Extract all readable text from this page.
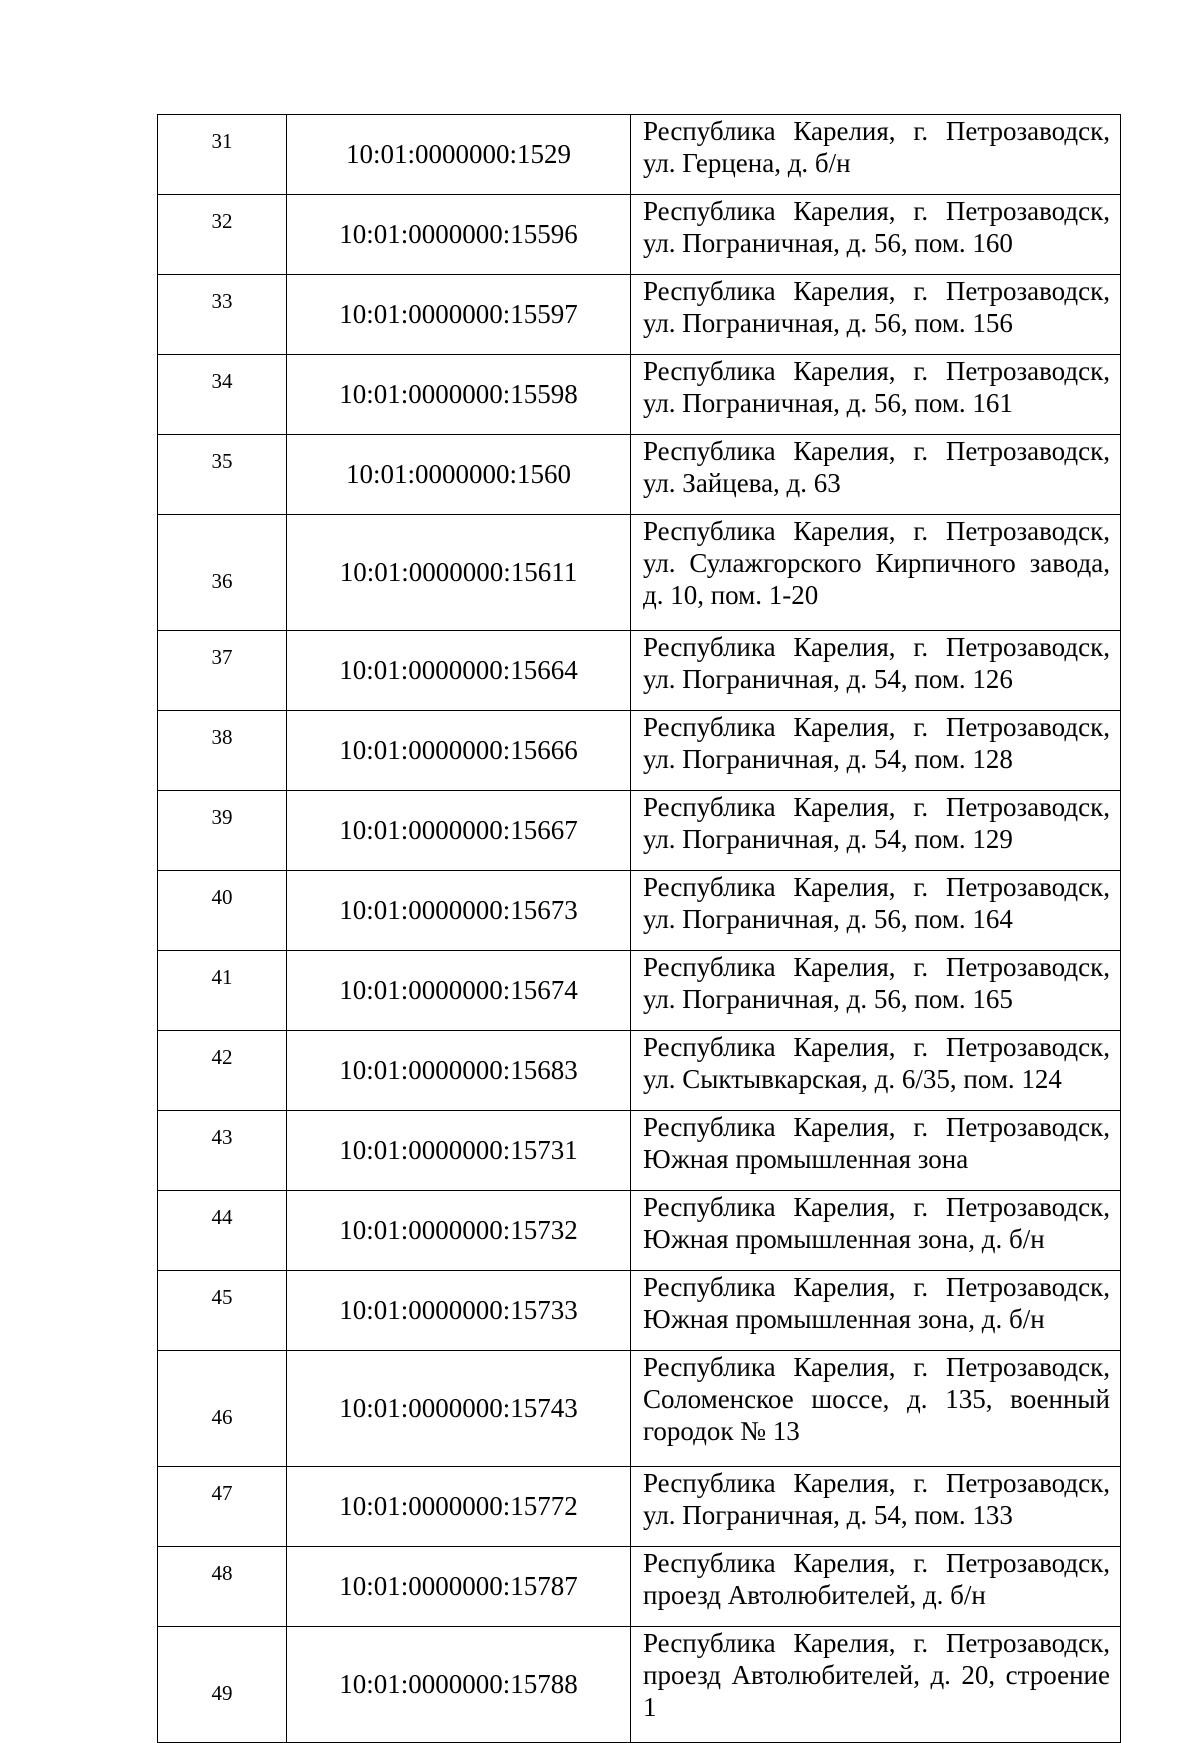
31	10:01:0000000:1529	Республика Карелия, г. Петрозаводск, ул. Герцена, д. б/н
32	10:01:0000000:15596	Республика Карелия, г. Петрозаводск, ул. Пограничная, д. 56, пом. 160
33	10:01:0000000:15597	Республика Карелия, г. Петрозаводск, ул. Пограничная, д. 56, пом. 156
34	10:01:0000000:15598	Республика Карелия, г. Петрозаводск, ул. Пограничная, д. 56, пом. 161
35	10:01:0000000:1560	Республика Карелия, г. Петрозаводск, ул. Зайцева, д. 63
36	10:01:0000000:15611	Республика Карелия, г. Петрозаводск, ул. Сулажгорского Кирпичного завода, д. 10, пом. 1-20
37	10:01:0000000:15664	Республика Карелия, г. Петрозаводск, ул. Пограничная, д. 54, пом. 126
38	10:01:0000000:15666	Республика Карелия, г. Петрозаводск, ул. Пограничная, д. 54, пом. 128
39	10:01:0000000:15667	Республика Карелия, г. Петрозаводск, ул. Пограничная, д. 54, пом. 129
40	10:01:0000000:15673	Республика Карелия, г. Петрозаводск, ул. Пограничная, д. 56, пом. 164
41	10:01:0000000:15674	Республика Карелия, г. Петрозаводск, ул. Пограничная, д. 56, пом. 165
42	10:01:0000000:15683	Республика Карелия, г. Петрозаводск, ул. Сыктывкарская, д. 6/35, пом. 124
43	10:01:0000000:15731	Республика Карелия, г. Петрозаводск, Южная промышленная зона
44	10:01:0000000:15732	Республика Карелия, г. Петрозаводск, Южная промышленная зона, д. б/н
45	10:01:0000000:15733	Республика Карелия, г. Петрозаводск, Южная промышленная зона, д. б/н
46	10:01:0000000:15743	Республика Карелия, г. Петрозаводск, Соломенское шоссе, д. 135, военный городок № 13
47	10:01:0000000:15772	Республика Карелия, г. Петрозаводск, ул. Пограничная, д. 54, пом. 133
48	10:01:0000000:15787	Республика Карелия, г. Петрозаводск, проезд Автолюбителей, д. б/н
49	10:01:0000000:15788	Республика Карелия, г. Петрозаводск, проезд Автолюбителей, д. 20, строение 1
